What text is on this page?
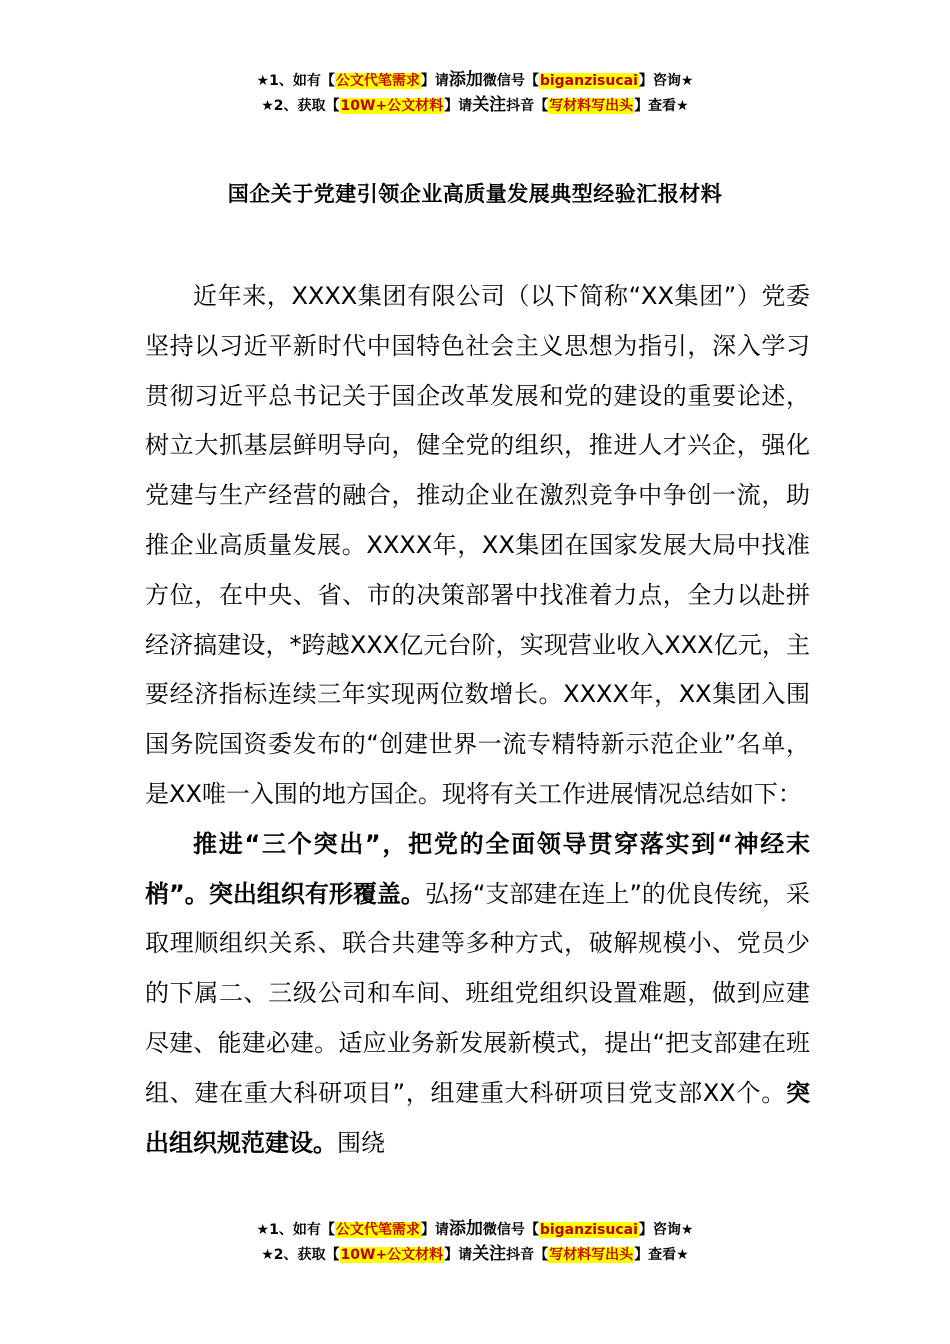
★1、如有【公文代笔需求】请添加微信号【biganzisucai】咨询★
★2、获取【10W+公文材料】请关注抖音【写材料写出头】查看★
国企关于党建引领企业高质量发展典型经验汇报材料

近年来，XXXX集团有限公司（以下简称“XX集团”）党委坚持以习近平新时代中国特色社会主义思想为指引，深入学习贯彻习近平总书记关于国企改革发展和党的建设的重要论述，树立大抓基层鲜明导向，健全党的组织，推进人才兴企，强化党建与生产经营的融合，推动企业在激烈竞争中争创一流，助推企业高质量发展。XXXX年，XX集团在国家发展大局中找准方位，在中央、省、市的决策部署中找准着力点，全力以赴拼经济搞建设，*跨越XXX亿元台阶，实现营业收入XXX亿元，主要经济指标连续三年实现两位数增长。XXXX年，XX集团入围国务院国资委发布的“创建世界一流专精特新示范企业”名单，是XX唯一入围的地方国企。现将有关工作进展情况总结如下：

推进“三个突出”，把党的全面领导贯穿落实到“神经末梢”。突出组织有形覆盖。弘扬“支部建在连上”的优良传统，采取理顺组织关系、联合共建等多种方式，破解规模小、党员少的下属二、三级公司和车间、班组党组织设置难题，做到应建尽建、能建必建。适应业务新发展新模式，提出“把支部建在班组、建在重大科研项目”，组建重大科研项目党支部XX个。突出组织规范建设。围绕

★1、如有【公文代笔需求】请添加微信号【biganzisucai】咨询★
★2、获取【10W+公文材料】请关注抖音【写材料写出头】查看★
